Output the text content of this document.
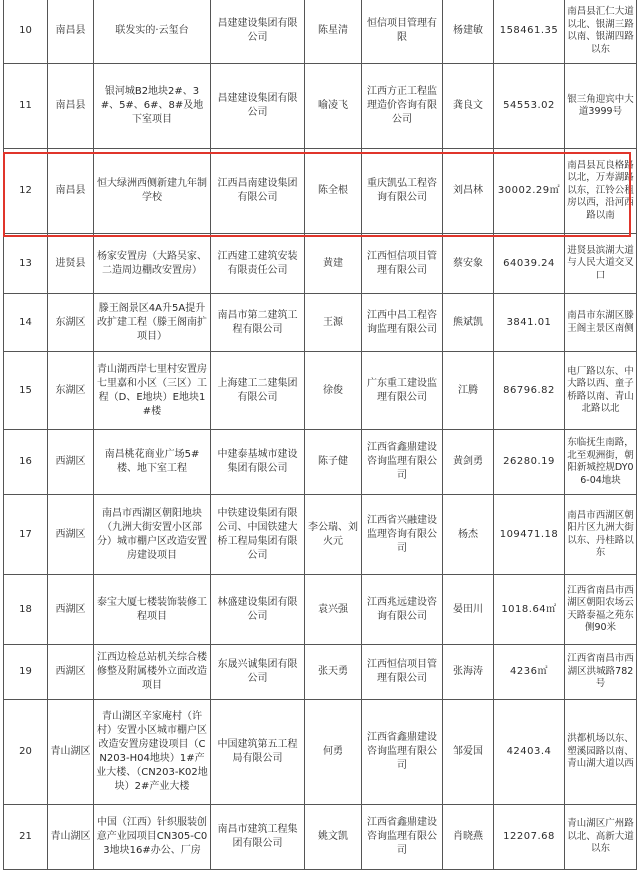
10	南昌县	联发实的·云玺台	昌建建设集团有限公司	陈星清	恒信项目管理有限	杨建敏	158461.35	南昌县汇仁大道以北、银湖三路以南、银湖四路以东
11	南昌县	银河城B2地块2#、3#、5#、6#、8#及地下室项目	昌建建设集团有限公司	喻凌飞	江西方正工程监理造价咨询有限公司	龚良文	54553.02	银三角迎宾中大道3999号
12	南昌县	恒大绿洲西侧新建九年制学校	江西昌南建设集团有限公司	陈全根	重庆凯弘工程咨询有限公司	刘昌林	30002.29㎡	南昌县瓦良格路以北，万寿湖路以东，江铃公租房以西，沿河西路以南
13	进贤县	杨家安置房（大路吴家、二造周边棚改安置房）	江西建工建筑安装有限责任公司	黄建	江西恒信项目管理有限公司	蔡安象	64039.24	进贤县滨湖大道与人民大道交叉口
14	东湖区	滕王阁景区4A升5A提升改扩建工程（滕王阁南扩项目）	南昌市第二建筑工程有限公司	王源	江西中昌工程咨询监理有限公司	熊斌凯	3841.01	南昌市东湖区滕王阁主景区南侧
15	东湖区	青山湖西岸七里村安置房七里嘉和小区（三区）工程（D、E地块）E地块1#楼	上海建工二建集团有限公司	徐俊	广东重工建设监理有限公司	江腾	86796.82	电厂路以东、中大路以西、童子桥路以南、青山北路以北
16	西湖区	南昌桃花商业广场5#楼、地下室工程	中建泰基城市建设集团有限公司	陈子健	江西省鑫鼎建设咨询监理有限公司	黄剑勇	26280.19	东临抚生南路，北至观洲街，朝阳新城控规DY06-04地块
17	西湖区	南昌市西湖区朝阳地块（九洲大街安置小区部分）城市棚户区改造安置房建设项目	中铁建设集团有限公司、中国铁建大桥工程局集团有限公司	李公瑞、刘火元	江西省兴融建设监理咨询有限公司	杨杰	109471.18	南昌市西湖区朝阳片区九洲大街以东、丹桂路以东
18	西湖区	泰宝大厦七楼装饰装修工程项目	林盛建设集团有限公司	袁兴强	江西兆远建设咨询有限公司	晏田川	1018.64㎡	江西省南昌市西湖区朝阳农场云天路泰福之苑东侧90米
19	西湖区	江西边检总站机关综合楼修整及附属楼外立面改造项目	东晟兴诚集团有限公司	张天勇	江西恒信项目管理有限公司	张海涛	4236㎡	江西省南昌市西湖区洪城路782号
20	青山湖区	青山湖区辛家庵村（许村）安置小区城市棚户区改造安置房建设项目（CN203-H04地块）1#产业大楼、（CN203-K02地块）2#产业大楼	中国建筑第五工程局有限公司	何勇	江西省鑫鼎建设咨询监理有限公司	邹爱国	42403.4	洪都机场以东、塑溪园路以南、青山湖大道以西
21	青山湖区	中国（江西）针织服装创意产业园项目CN305-C03地块16#办公、厂房	南昌市建筑工程集团有限公司	姚文凯	江西省鑫鼎建设咨询监理有限公司	肖晓燕	12207.68	青山湖区广州路以北、高新大道以东
